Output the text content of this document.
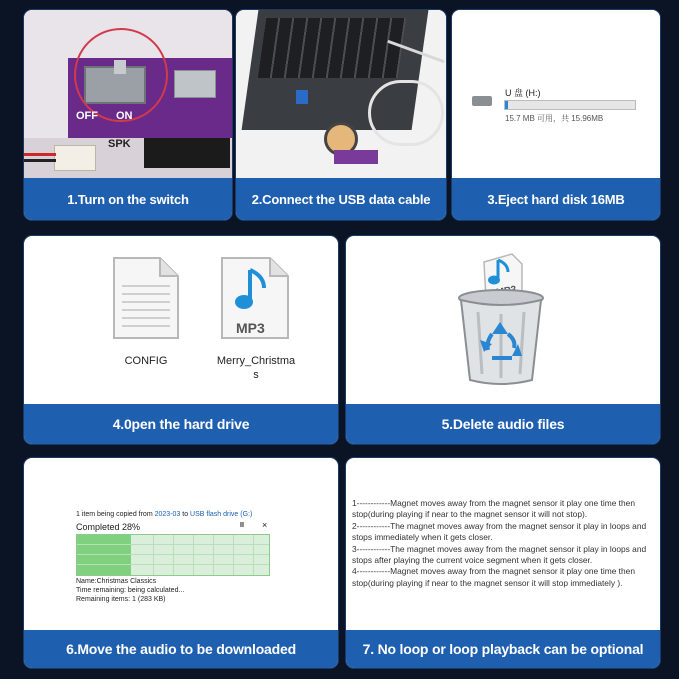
OFF ON
SPK
1.Turn on the switch	2.Connect the USB data cable
U 盘 (H:)
15.7 MB 可用，共 15.96MB
3.Eject hard disk 16MB
CONFIG
MP3
Merry_Christma
s
4.0pen the hard drive	5.Delete audio files
1 item being copied from 2023-03 to USB flash drive (G:)
Completed 28%	II ×
Name:Christmas Classics
Time remaining: being calculated...
Remaining items: 1 (283 KB)
6.Move the audio to be downloaded

1------------Magnet moves away from the magnet sensor it play one time then stop(during playing if near to the magnet sensor it will not stop).

2------------The magnet moves away from the magnet sensor it play in loops and stops immediately when it gets closer.

3------------The magnet moves away from the magnet sensor it play in loops and stops after playing the current voice segment when it gets closer.

4------------Magnet moves away from the magnet sensor it play one time then stop(during playing if near to the magnet sensor it will stop immediately ).

7. No loop or loop playback can be optional
